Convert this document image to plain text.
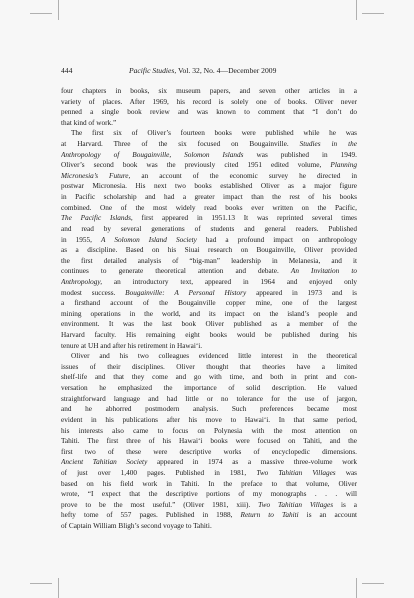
444	Pacific Studies, Vol. 32, No. 4—December 2009
four chapters in books, six museum papers, and seven other articles in a
variety of places. After 1969, his record is solely one of books. Oliver never
penned a single book review and was known to comment that “I don’t do
that kind of work.”
The first six of Oliver’s fourteen books were published while he was
at Harvard. Three of the six focused on Bougainville. Studies in the
Anthropology of Bougainville, Solomon Islands was published in 1949.
Oliver’s second book was the previously cited 1951 edited volume, Planning
Micronesia’s Future, an account of the economic survey he directed in
postwar Micronesia. His next two books established Oliver as a major figure
in Pacific scholarship and had a greater impact than the rest of his books
combined. One of the most widely read books ever written on the Pacific,
The Pacific Islands, first appeared in 1951.13 It was reprinted several times
and read by several generations of students and general readers. Published
in 1955, A Solomon Island Society had a profound impact on anthropology
as a discipline. Based on his Siuai research on Bougainville, Oliver provided
the first detailed analysis of “big-man” leadership in Melanesia, and it
continues to generate theoretical attention and debate. An Invitation to
Anthropology, an introductory text, appeared in 1964 and enjoyed only
modest success. Bougainville: A Personal History appeared in 1973 and is
a firsthand account of the Bougainville copper mine, one of the largest
mining operations in the world, and its impact on the island’s people and
environment. It was the last book Oliver published as a member of the
Harvard faculty. His remaining eight books would be published during his
tenure at UH and after his retirement in Hawai‘i.
Oliver and his two colleagues evidenced little interest in the theoretical
issues of their disciplines. Oliver thought that theories have a limited
shelf-life and that they come and go with time, and both in print and con-
versation he emphasized the importance of solid description. He valued
straightforward language and had little or no tolerance for the use of jargon,
and he abhorred postmodern analysis. Such preferences became most
evident in his publications after his move to Hawai‘i. In that same period,
his interests also came to focus on Polynesia with the most attention on
Tahiti. The first three of his Hawai‘i books were focused on Tahiti, and the
first two of these were descriptive works of encyclopedic dimensions.
Ancient Tahitian Society appeared in 1974 as a massive three-volume work
of just over 1,400 pages. Published in 1981, Two Tahitian Villages was
based on his field work in Tahiti. In the preface to that volume, Oliver
wrote, “I expect that the descriptive portions of my monographs . . . will
prove to be the most useful.” (Oliver 1981, xiii). Two Tahitian Villages is a
hefty tome of 557 pages. Published in 1988, Return to Tahiti is an account
of Captain William Bligh’s second voyage to Tahiti.
